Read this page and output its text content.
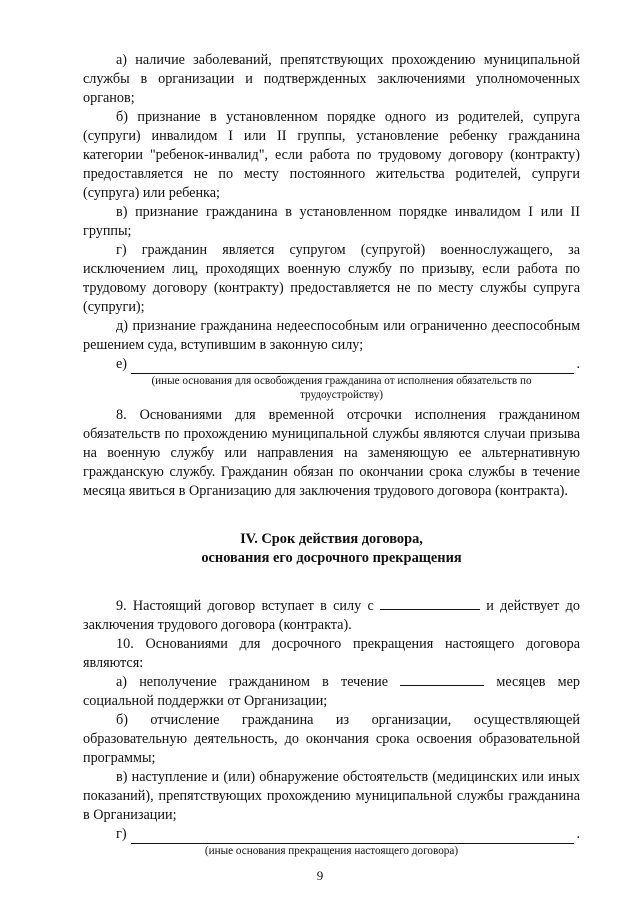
а) наличие заболеваний, препятствующих прохождению муниципальной службы в организации и подтвержденных заключениями уполномоченных органов;

б) признание в установленном порядке одного из родителей, супруга (супруги) инвалидом I или II группы, установление ребенку гражданина категории "ребенок-инвалид", если работа по трудовому договору (контракту) предоставляется не по месту постоянного жительства родителей, супруги (супруга) или ребенка;

в) признание гражданина в установленном порядке инвалидом I или II группы;

г) гражданин является супругом (супругой) военнослужащего, за исключением лиц, проходящих военную службу по призыву, если работа по трудовому договору (контракту) предоставляется не по месту службы супруга (супруги);

д) признание гражданина недееспособным или ограниченно дееспособным решением суда, вступившим в законную силу;

е)	.

(иные основания для освобождения гражданина от исполнения обязательств по трудоустройству)

8. Основаниями для временной отсрочки исполнения гражданином обязательств по прохождению муниципальной службы являются случаи призыва на военную службу или направления на заменяющую ее альтернативную гражданскую службу. Гражданин обязан по окончании срока службы в течение месяца явиться в Организацию для заключения трудового договора (контракта).

IV. Срок действия договора,

основания его досрочного прекращения

9. Настоящий договор вступает в силу с	и действует до заключения трудового договора (контракта).

10. Основаниями для досрочного прекращения настоящего договора являются:

а) неполучение гражданином в течение	месяцев мер социальной поддержки от Организации;

б) отчисление гражданина из организации, осуществляющей образовательную деятельность, до окончания срока освоения образовательной программы;

в) наступление и (или) обнаружение обстоятельств (медицинских или иных показаний), препятствующих прохождению муниципальной службы гражданина в Организации;

г)	.

(иные основания прекращения настоящего договора)

9
